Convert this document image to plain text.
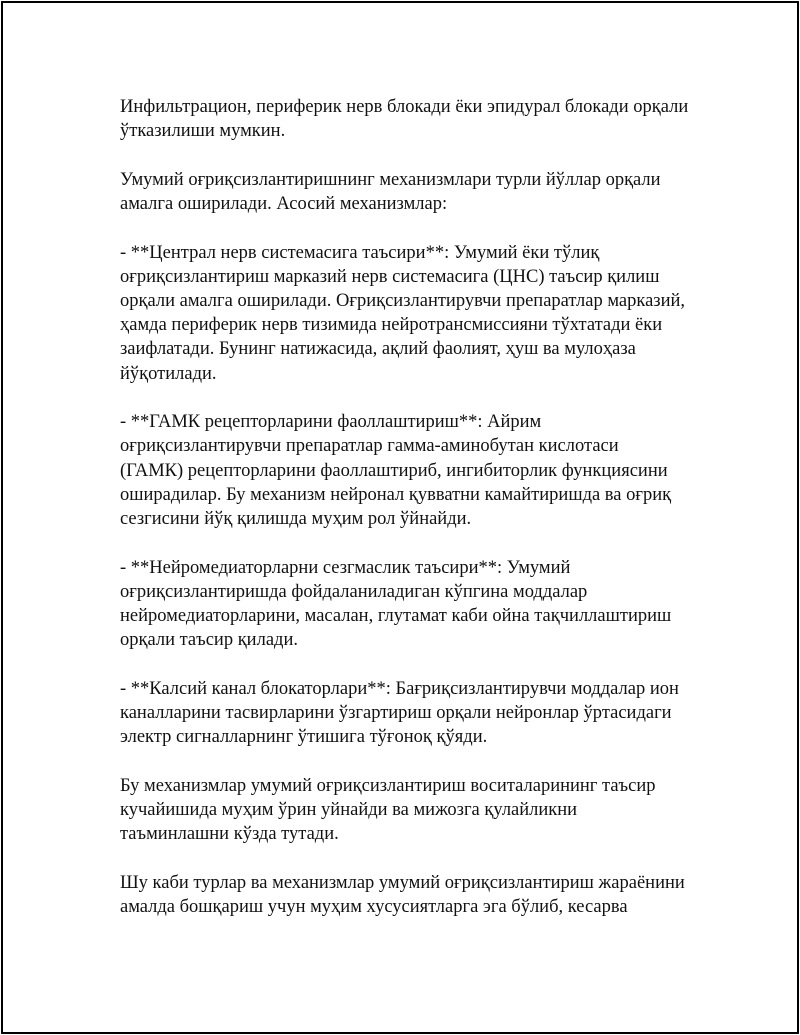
Инфильтрацион, периферик нерв блокади ёки эпидурал блокади орқали
ўтказилиши мумкин.

Умумий оғриқсизлантиришнинг механизмлари турли йўллар орқали
амалга оширилади. Асосий механизмлар:

- **Централ нерв системасига таъсири**: Умумий ёки тўлиқ
оғриқсизлантириш марказий нерв системасига (ЦНС) таъсир қилиш
орқали амалга оширилади. Оғриқсизлантирувчи препаратлар марказий,
ҳамда периферик нерв тизимида нейротрансмиссияни тўхтатади ёки
заифлатади. Бунинг натижасида, ақлий фаолият, ҳуш ва мулоҳаза
йўқотилади.

- **ГАМК рецепторларини фаоллаштириш**: Айрим
оғриқсизлантирувчи препаратлар гамма-аминобутан кислотаси
(ГАМК) рецепторларини фаоллаштириб, ингибиторлик функциясини
оширадилар. Бу механизм нейронал қувватни камайтиришда ва оғриқ
сезгисини йўқ қилишда муҳим рол ўйнайди.

- **Нейромедиаторларни сезгмаслик таъсири**: Умумий
оғриқсизлантиришда фойдаланиладиган кўпгина моддалар
нейромедиаторларини, масалан, глутамат каби ойна тақчиллаштириш
орқали таъсир қилади.

- **Калсий канал блокаторлари**: Бағриқсизлантирувчи моддалар ион
каналларини тасвирларини ўзгартириш орқали нейронлар ўртасидаги
электр сигналларнинг ўтишига тўғоноқ қўяди.

Бу механизмлар умумий оғриқсизлантириш воситаларининг таъсир
кучайишида муҳим ўрин уйнайди ва мижозга қулайликни
таъминлашни кўзда тутади.

Шу каби турлар ва механизмлар умумий оғриқсизлантириш жараёнини
амалда бошқариш учун муҳим хусусиятларга эга бўлиб, кесарва
